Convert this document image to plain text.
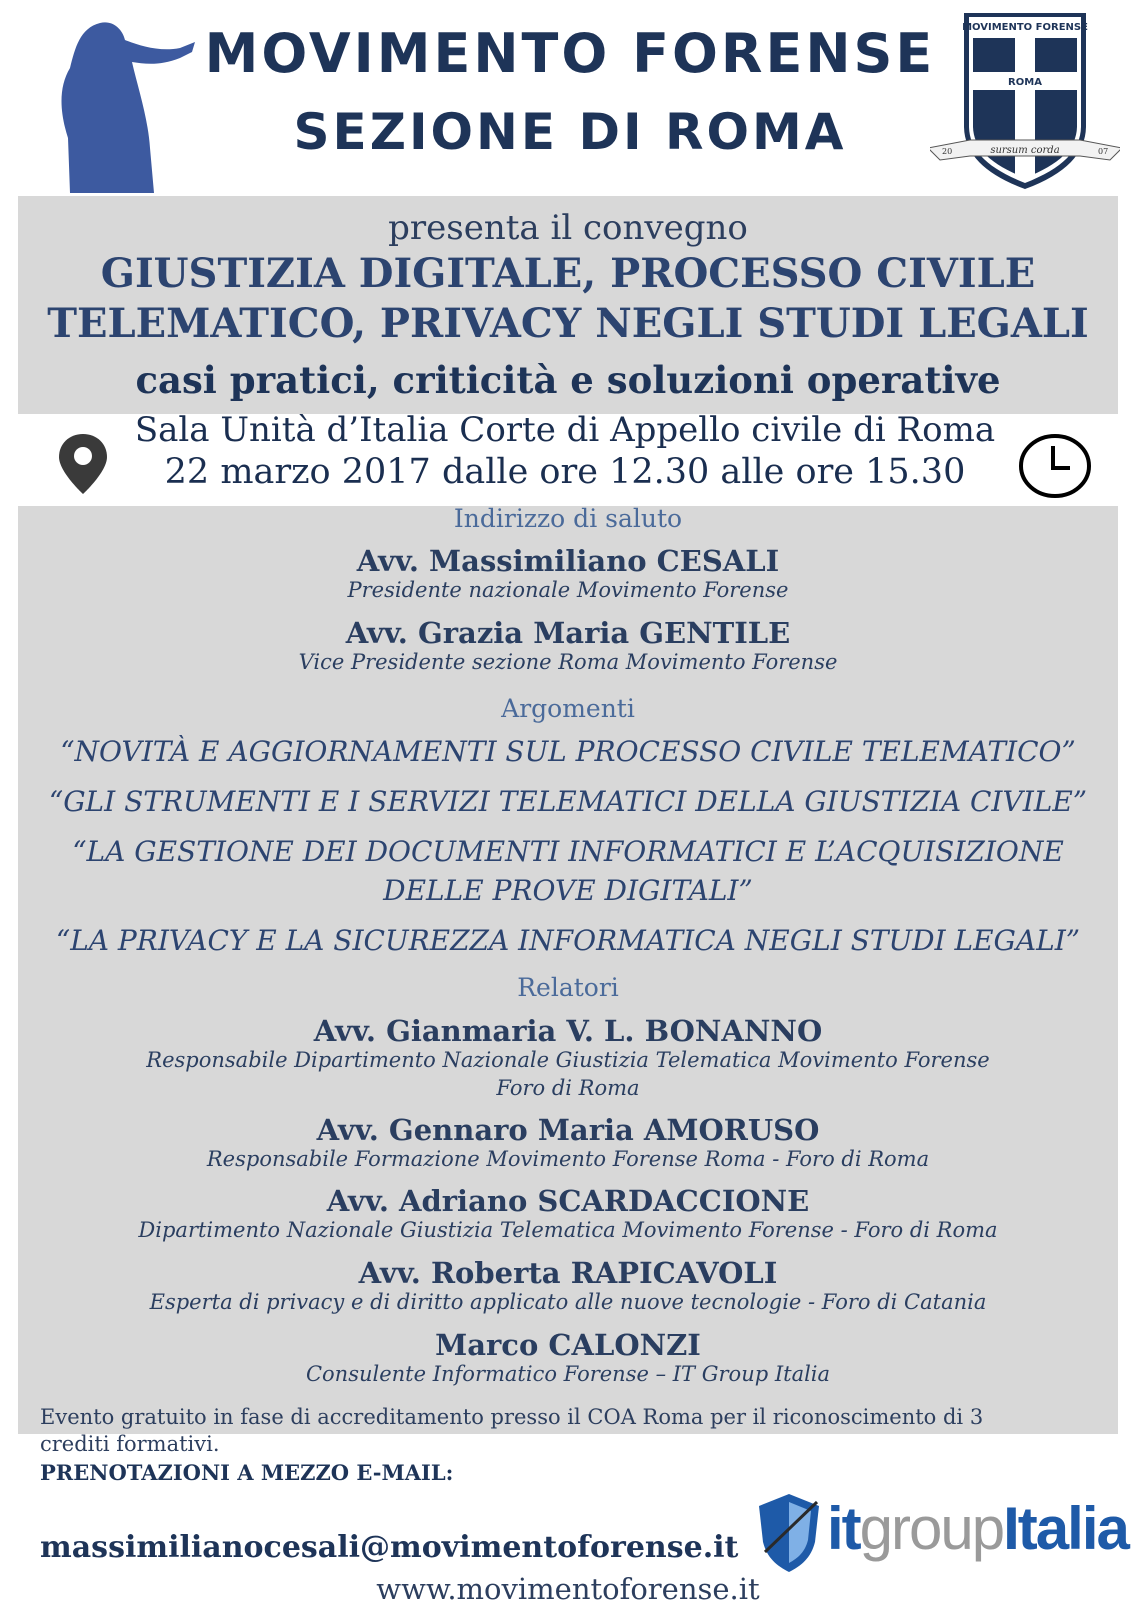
MOVIMENTO FORENSE
SEZIONE DI ROMA
MOVIMENTO FORENSE
ROMA
sursum corda
20	07
presenta il convegno
GIUSTIZIA DIGITALE, PROCESSO CIVILE
TELEMATICO, PRIVACY NEGLI STUDI LEGALI
casi pratici, criticità e soluzioni operative
Sala Unità d’Italia Corte di Appello civile di Roma
22 marzo 2017 dalle ore 12.30 alle ore 15.30
Indirizzo di saluto
Avv. Massimiliano CESALI
Presidente nazionale Movimento Forense
Avv. Grazia Maria GENTILE
Vice Presidente sezione Roma Movimento Forense
Argomenti
“NOVITÀ E AGGIORNAMENTI SUL PROCESSO CIVILE TELEMATICO”
“GLI STRUMENTI E I SERVIZI TELEMATICI DELLA GIUSTIZIA CIVILE”
“LA GESTIONE DEI DOCUMENTI INFORMATICI E L’ACQUISIZIONE
DELLE PROVE DIGITALI”
“LA PRIVACY E LA SICUREZZA INFORMATICA NEGLI STUDI LEGALI”
Relatori
Avv. Gianmaria V. L. BONANNO
Responsabile Dipartimento Nazionale Giustizia Telematica Movimento Forense
Foro di Roma
Avv. Gennaro Maria AMORUSO
Responsabile Formazione Movimento Forense Roma - Foro di Roma
Avv. Adriano SCARDACCIONE
Dipartimento Nazionale Giustizia Telematica Movimento Forense - Foro di Roma
Avv. Roberta RAPICAVOLI
Esperta di privacy e di diritto applicato alle nuove tecnologie - Foro di Catania
Marco CALONZI
Consulente Informatico Forense – IT Group Italia
Evento gratuito in fase di accreditamento presso il COA Roma per il riconoscimento di 3
crediti formativi.
PRENOTAZIONI A MEZZO E-MAIL:
massimilianocesali@movimentoforense.it
www.movimentoforense.it
itgroupItalia
